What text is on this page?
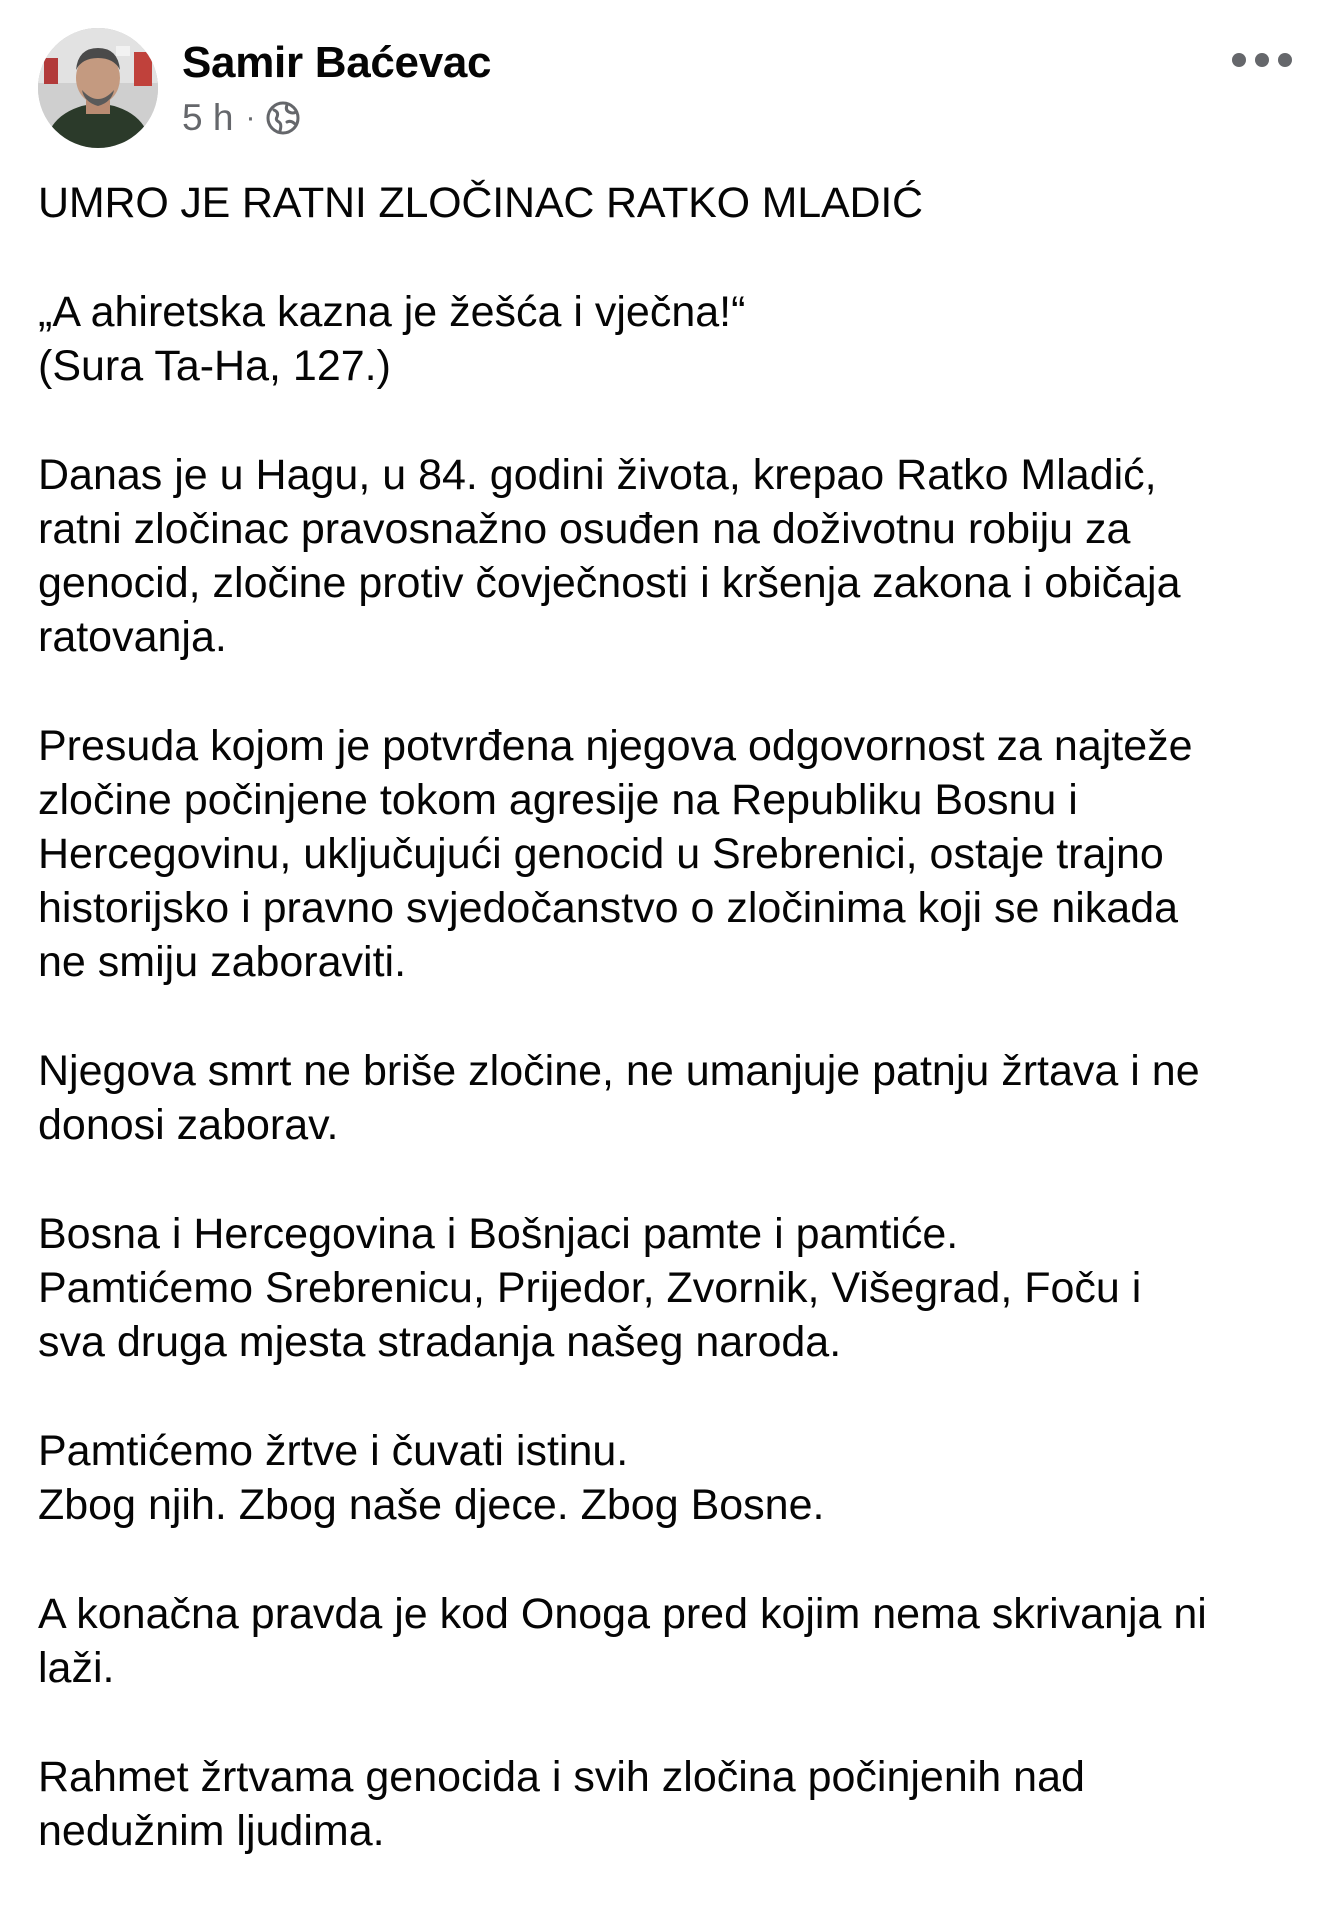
Samir Baćevac
5 h ·

UMRO JE RATNI ZLOČINAC RATKO MLADIĆ

„A ahiretska kazna je žešća i vječna!“
(Sura Ta-Ha, 127.)

Danas je u Hagu, u 84. godini života, krepao Ratko Mladić,
ratni zločinac pravosnažno osuđen na doživotnu robiju za
genocid, zločine protiv čovječnosti i kršenja zakona i običaja
ratovanja.

Presuda kojom je potvrđena njegova odgovornost za najteže
zločine počinjene tokom agresije na Republiku Bosnu i
Hercegovinu, uključujući genocid u Srebrenici, ostaje trajno
historijsko i pravno svjedočanstvo o zločinima koji se nikada
ne smiju zaboraviti.

Njegova smrt ne briše zločine, ne umanjuje patnju žrtava i ne
donosi zaborav.

Bosna i Hercegovina i Bošnjaci pamte i pamtiće.
Pamtićemo Srebrenicu, Prijedor, Zvornik, Višegrad, Foču i
sva druga mjesta stradanja našeg naroda.

Pamtićemo žrtve i čuvati istinu.
Zbog njih. Zbog naše djece. Zbog Bosne.

A konačna pravda je kod Onoga pred kojim nema skrivanja ni
laži.

Rahmet žrtvama genocida i svih zločina počinjenih nad
nedužnim ljudima.
